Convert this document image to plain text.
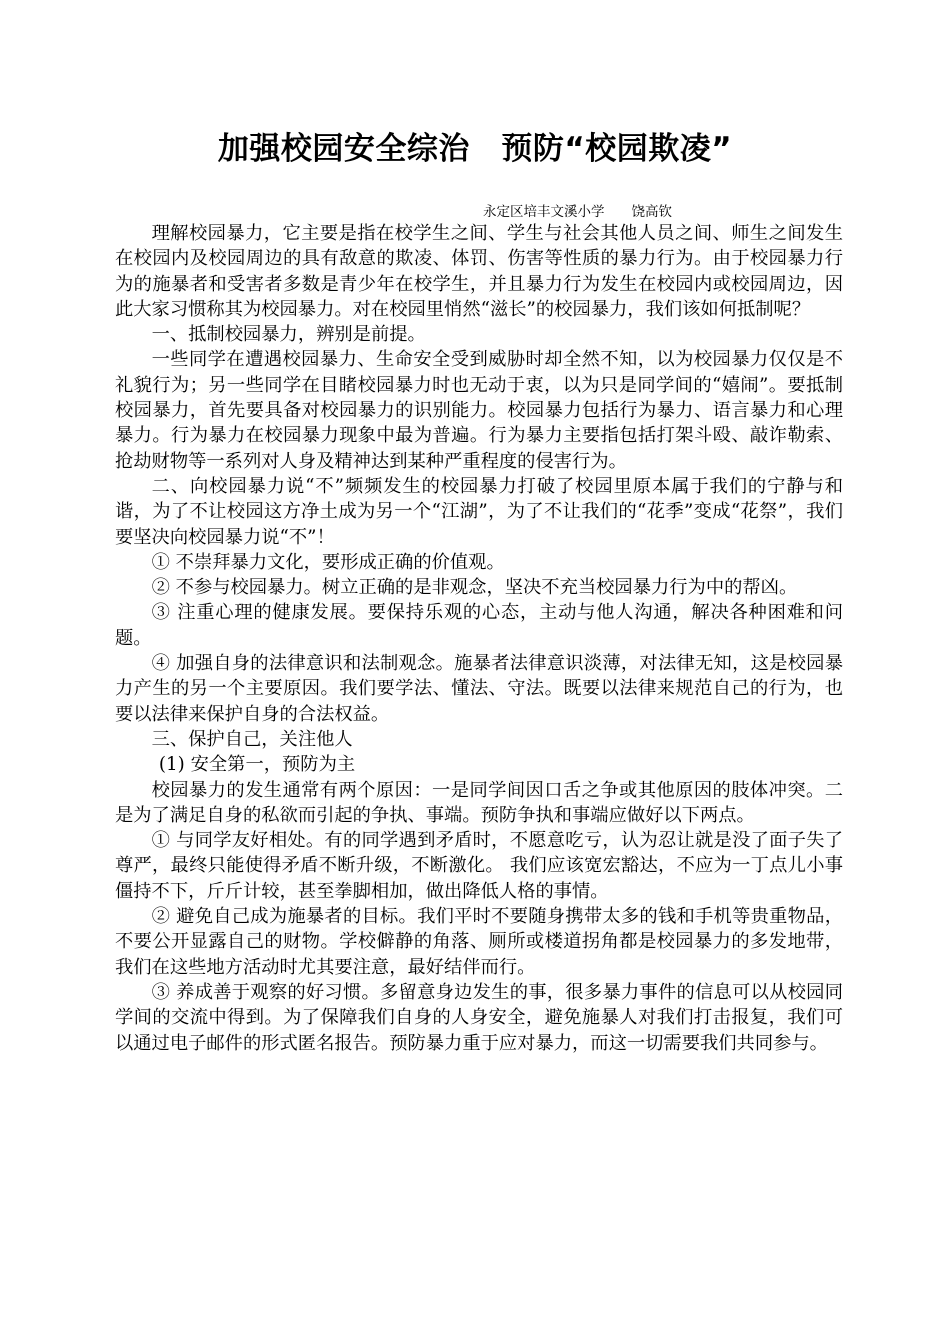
加强校园安全综治　预防“校园欺凌”
永定区培丰文溪小学　　饶高钦

理解校园暴力，它主要是指在校学生之间、学生与社会其他人员之间、师生之间发生在校园内及校园周边的具有敌意的欺凌、体罚、伤害等性质的暴力行为。由于校园暴力行为的施暴者和受害者多数是青少年在校学生，并且暴力行为发生在校园内或校园周边，因此大家习惯称其为校园暴力。对在校园里悄然“滋长”的校园暴力，我们该如何抵制呢？

一、抵制校园暴力，辨别是前提。

一些同学在遭遇校园暴力、生命安全受到威胁时却全然不知，以为校园暴力仅仅是不礼貌行为；另一些同学在目睹校园暴力时也无动于衷，以为只是同学间的“嬉闹”。要抵制校园暴力，首先要具备对校园暴力的识别能力。校园暴力包括行为暴力、语言暴力和心理暴力。行为暴力在校园暴力现象中最为普遍。行为暴力主要指包括打架斗殴、敲诈勒索、抢劫财物等一系列对人身及精神达到某种严重程度的侵害行为。

二、向校园暴力说“不”频频发生的校园暴力打破了校园里原本属于我们的宁静与和谐，为了不让校园这方净土成为另一个“江湖”，为了不让我们的“花季”变成“花祭”，我们要坚决向校园暴力说“不”！

① 不崇拜暴力文化，要形成正确的价值观。

② 不参与校园暴力。树立正确的是非观念，坚决不充当校园暴力行为中的帮凶。

③ 注重心理的健康发展。要保持乐观的心态，主动与他人沟通，解决各种困难和问题。

④ 加强自身的法律意识和法制观念。施暴者法律意识淡薄，对法律无知，这是校园暴力产生的另一个主要原因。我们要学法、懂法、守法。既要以法律来规范自己的行为，也要以法律来保护自身的合法权益。

三、保护自己，关注他人

(1) 安全第一，预防为主

校园暴力的发生通常有两个原因：一是同学间因口舌之争或其他原因的肢体冲突。二是为了满足自身的私欲而引起的争执、事端。预防争执和事端应做好以下两点。

① 与同学友好相处。有的同学遇到矛盾时，不愿意吃亏，认为忍让就是没了面子失了尊严，最终只能使得矛盾不断升级，不断激化。 我们应该宽宏豁达，不应为一丁点儿小事僵持不下，斤斤计较，甚至拳脚相加，做出降低人格的事情。

② 避免自己成为施暴者的目标。我们平时不要随身携带太多的钱和手机等贵重物品，不要公开显露自己的财物。学校僻静的角落、厕所或楼道拐角都是校园暴力的多发地带，我们在这些地方活动时尤其要注意，最好结伴而行。

③ 养成善于观察的好习惯。多留意身边发生的事，很多暴力事件的信息可以从校园同学间的交流中得到。为了保障我们自身的人身安全，避免施暴人对我们打击报复，我们可以通过电子邮件的形式匿名报告。预防暴力重于应对暴力，而这一切需要我们共同参与。
